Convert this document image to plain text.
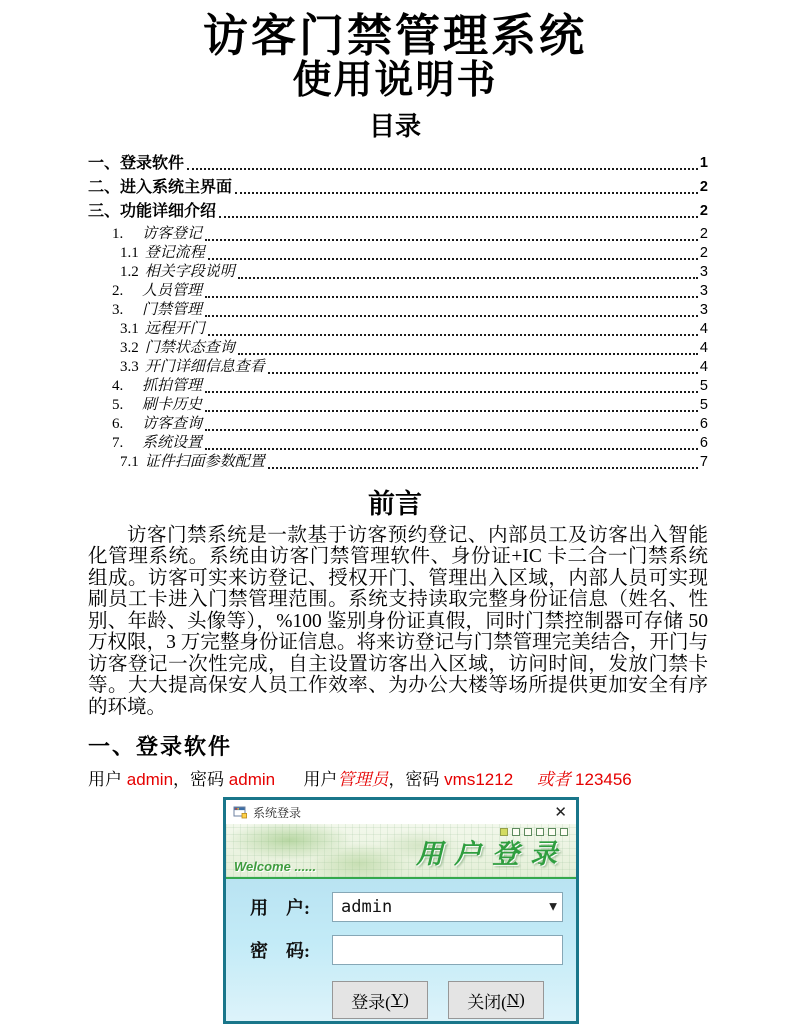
访客门禁管理系统
使用说明书
目录
一、登录软件	1
二、进入系统主界面	2
三、功能详细介绍	2
1.	访客登记	2
1.1 登记流程	2
1.2 相关字段说明	3
2.	人员管理	3
3.	门禁管理	3
3.1 远程开门	4
3.2 门禁状态查询	4
3.3 开门详细信息查看	4
4.	抓拍管理	5
5.	刷卡历史	5
6.	访客查询	6
7.	系统设置	6
7.1 证件扫面参数配置	7
前言
访客门禁系统是一款基于访客预约登记、内部员工及访客出入智能化管理系统。系统由访客门禁管理软件、身份证+IC 卡二合一门禁系统组成。访客可实来访登记、授权开门、管理出入区域，内部人员可实现刷员工卡进入门禁管理范围。系统支持读取完整身份证信息（姓名、性别、年龄、头像等），%100 鉴别身份证真假，同时门禁控制器可存储 50 万权限，3 万完整身份证信息。将来访登记与门禁管理完美结合，开门与访客登记一次性完成，自主设置访客出入区域，访问时间，发放门禁卡等。大大提高保安人员工作效率、为办公大楼等场所提供更加安全有序的环境。
一、登录软件
用户 admin，密码 admin      用户管理员，密码 vms1212 或者 123456
系统登录	✕
Welcome ......	用户登录
用　户:	admin	▼
密　码:
登录( Y )	关闭( N )
